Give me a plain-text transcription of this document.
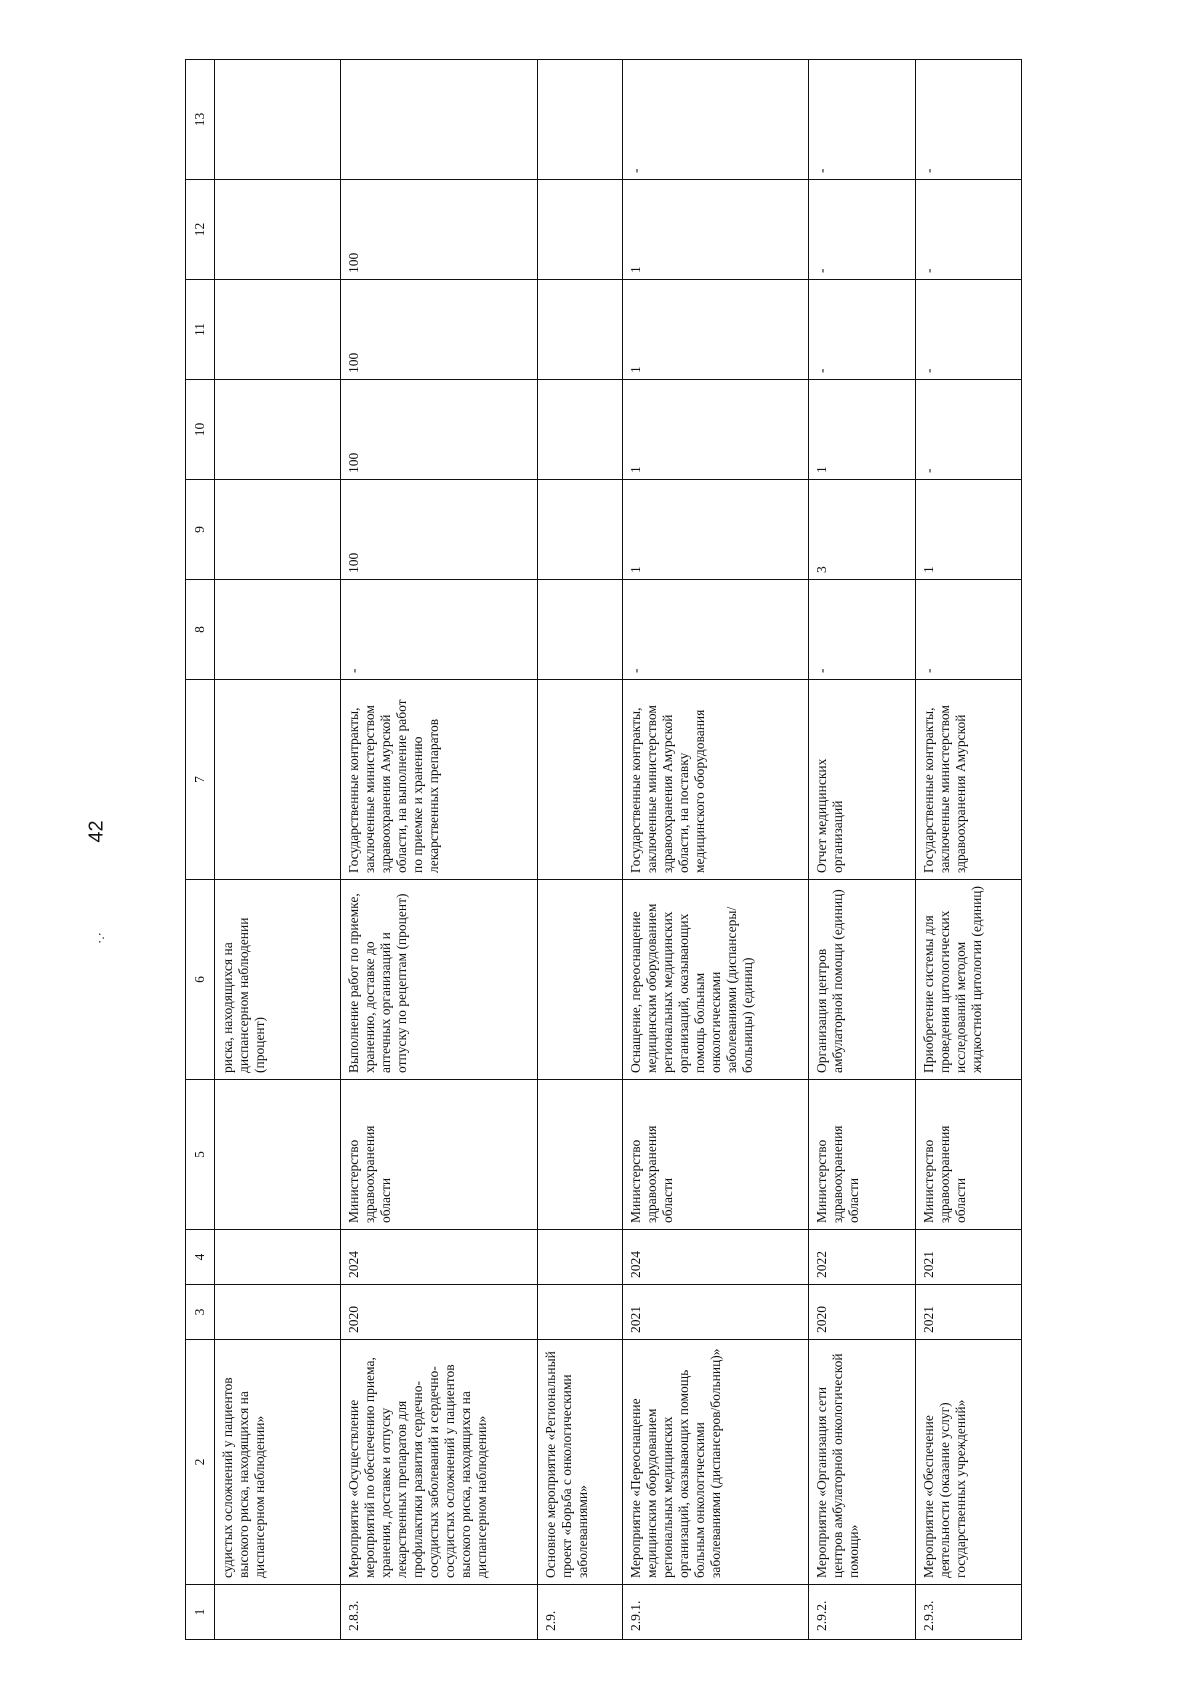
42
·.·
1	2	3	4	5	6	7	8	9	10	11	12	13
	судистых осложнений у пациентов высокого риска, находящихся на диспансерном наблюдении»				риска, находящихся на диспансерном наблюдении (процент)							
2.8.3.	Мероприятие «Осуществление мероприятий по обеспечению приема, хранения, доставке и отпуску лекарственных препаратов для профилактики развития сердечно-сосудистых заболеваний и сердечно-сосудистых осложнений у пациентов высокого риска, находящихся на диспансерном наблюдении»	2020	2024	Министерство здравоохранения области	Выполнение работ по приемке, хранению, доставке до аптечных организаций и отпуску по рецептам (процент)	Государственные контракты, заключенные министерством здравоохранения Амурской области, на выполнение работ по приемке и хранению лекарственных препаратов	-	100	100	100	100	
2.9.	Основное мероприятие «Региональный проект «Борьба с онкологическими заболеваниями»											
2.9.1.	Мероприятие «Переоснащение медицинским оборудованием региональных медицинских организаций, оказывающих помощь больным онкологическими заболеваниями (диспансеров/больниц)»	2021	2024	Министерство здравоохранения области	Оснащение, переоснащение медицинским оборудованием региональных медицинских организаций, оказывающих помощь больным онкологическими заболеваниями (диспансеры/больницы) (единиц)	Государственные контракты, заключенные министерством здравоохранения Амурской области, на поставку медицинского оборудования	-	1	1	1	1	-
2.9.2.	Мероприятие «Организация сети центров амбулаторной онкологической помощи»	2020	2022	Министерство здравоохранения области	Организация центров амбулаторной помощи (единиц)	Отчет медицинских организаций	-	3	1	-	-	-
2.9.3.	Мероприятие «Обеспечение деятельности (оказание услуг) государственных учреждений»	2021	2021	Министерство здравоохранения области	Приобретение системы для проведения цитологических исследований методом жидкостной цитологии (единиц)	Государственные контракты, заключенные министерством здравоохранения Амурской	-	1	-	-	-	-
